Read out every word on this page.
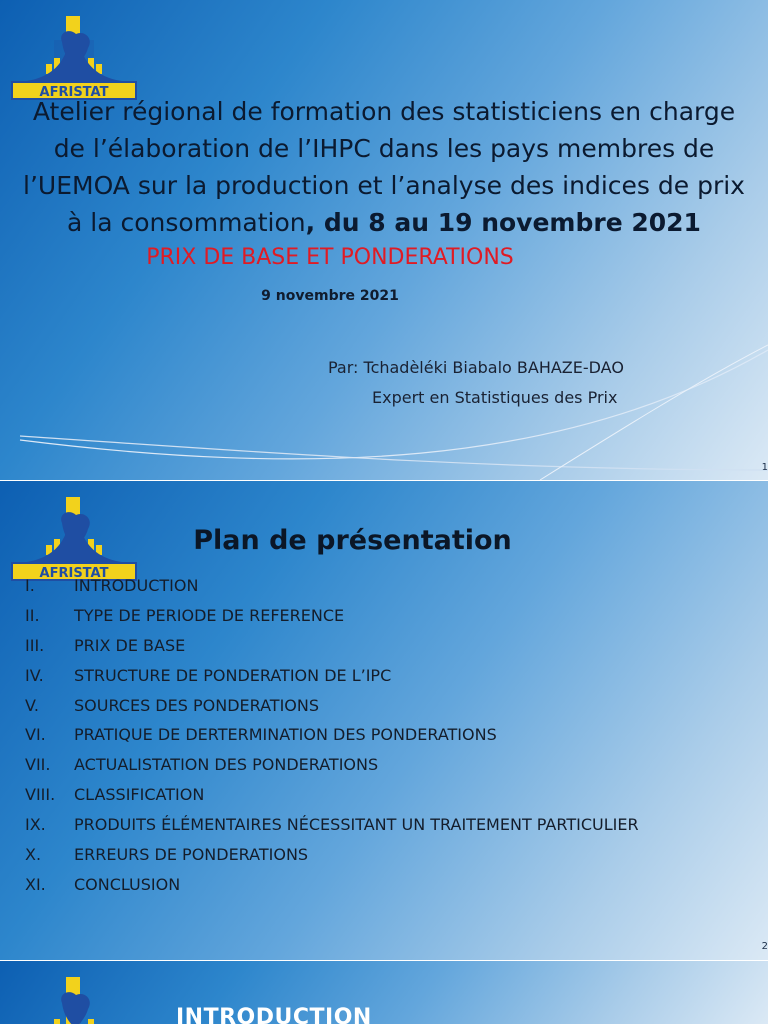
AFRISTAT
Atelier régional de formation des statisticiens en charge de l’élaboration de l’IHPC dans les pays membres de l’UEMOA sur la production et l’analyse des indices de prix à la consommation, du 8 au 19 novembre 2021
PRIX DE BASE ET PONDERATIONS
9 novembre 2021
Par: Tchadèléki Biabalo BAHAZE-DAO
Expert en Statistiques des Prix
1
AFRISTAT
Plan de présentation
I. INTRODUCTION
II. TYPE DE PERIODE DE REFERENCE
III. PRIX DE BASE
IV. STRUCTURE DE PONDERATION DE L’IPC
V. SOURCES DES PONDERATIONS
VI. PRATIQUE DE DERTERMINATION DES PONDERATIONS
VII. ACTUALISTATION DES PONDERATIONS
VIII. CLASSIFICATION
IX. PRODUITS ÉLÉMENTAIRES NÉCESSITANT UN TRAITEMENT PARTICULIER
X. ERREURS DE PONDERATIONS
XI. CONCLUSION
2
INTRODUCTION
